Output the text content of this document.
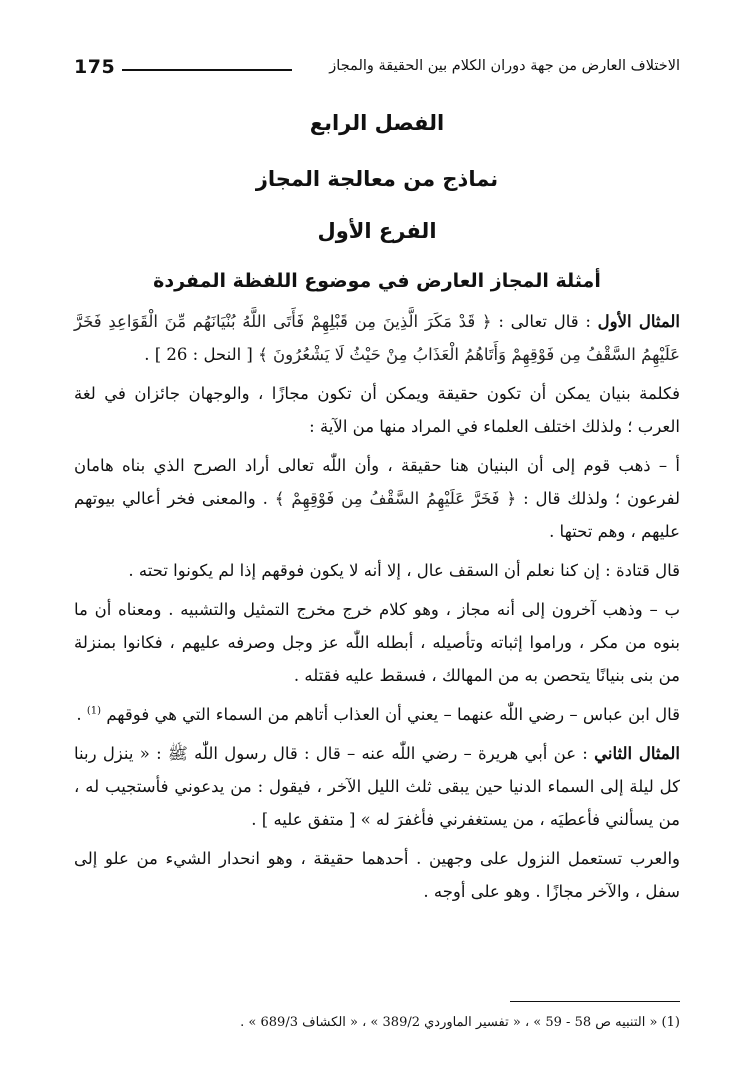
175	الاختلاف العارض من جهة دوران الكلام بين الحقيقة والمجاز
الفصل الرابع
نماذج من معالجة المجاز
الفرع الأول
أمثلة المجاز العارض في موضوع اللفظة المفردة

المثال الأول : قال تعالى : ﴿ قَدْ مَكَرَ الَّذِينَ مِن قَبْلِهِمْ فَأَتَى اللَّهُ بُنْيَانَهُم مِّنَ الْقَوَاعِدِ فَخَرَّ عَلَيْهِمُ السَّقْفُ مِن فَوْقِهِمْ وَأَتَاهُمُ الْعَذَابُ مِنْ حَيْثُ لَا يَشْعُرُونَ ﴾ [ النحل : 26 ] .

فكلمة بنيان يمكن أن تكون حقيقة ويمكن أن تكون مجازًا ، والوجهان جائزان في لغة العرب ؛ ولذلك اختلف العلماء في المراد منها من الآية :

أ – ذهب قوم إلى أن البنيان هنا حقيقة ، وأن اللّٰه تعالى أراد الصرح الذي بناه هامان لفرعون ؛ ولذلك قال : ﴿ فَخَرَّ عَلَيْهِمُ السَّقْفُ مِن فَوْقِهِمْ ﴾ . والمعنى فخر أعالي بيوتهم عليهم ، وهم تحتها .

قال قتادة : إن كنا نعلم أن السقف عال ، إلا أنه لا يكون فوقهم إذا لم يكونوا تحته .

ب – وذهب آخرون إلى أنه مجاز ، وهو كلام خرج مخرج التمثيل والتشبيه . ومعناه أن ما بنوه من مكر ، وراموا إثباته وتأصيله ، أبطله اللّٰه عز وجل وصرفه عليهم ، فكانوا بمنزلة من بنى بنيانًا يتحصن به من المهالك ، فسقط عليه فقتله .

قال ابن عباس – رضي اللّٰه عنهما – يعني أن العذاب أتاهم من السماء التي هي فوقهم $^{(1)}$ .

المثال الثاني : عن أبي هريرة – رضي اللّٰه عنه – قال : قال رسول اللّٰه ﷺ : « ينزل ربنا كل ليلة إلى السماء الدنيا حين يبقى ثلث الليل الآخر ، فيقول : من يدعوني فأستجيب له ، من يسألني فأعطيَه ، من يستغفرني فأغفرَ له » [ متفق عليه ] .

والعرب تستعمل النزول على وجهين . أحدهما حقيقة ، وهو انحدار الشيء من علو إلى سفل ، والآخر مجازًا . وهو على أوجه .

(1) « التنبيه ص 58 - 59 » ، « تفسير الماوردي 389/2 » ، « الكشاف 689/3 » .
